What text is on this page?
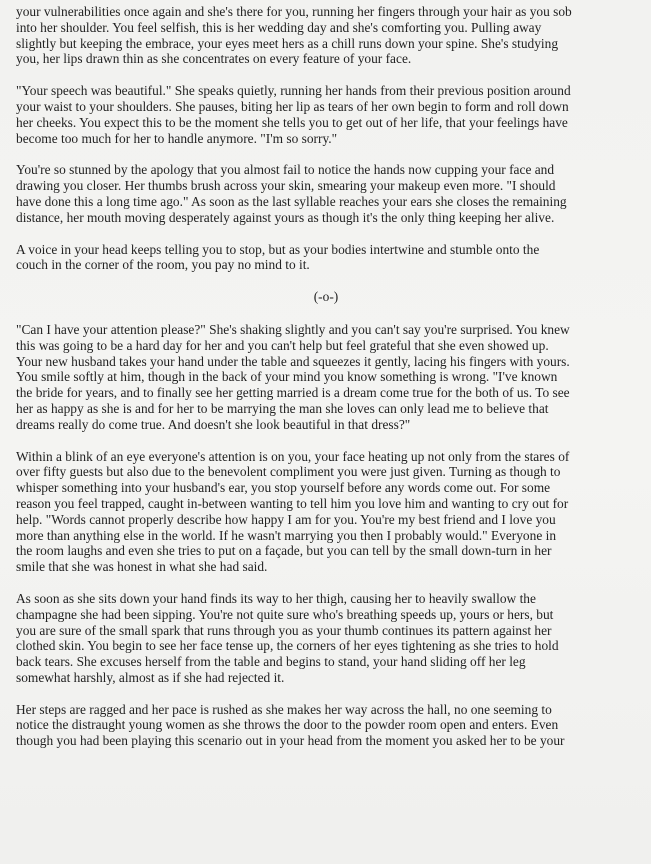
your vulnerabilities once again and she's there for you, running her fingers through your hair as you sob
into her shoulder. You feel selfish, this is her wedding day and she's comforting you. Pulling away
slightly but keeping the embrace, your eyes meet hers as a chill runs down your spine. She's studying
you, her lips drawn thin as she concentrates on every feature of your face.

"Your speech was beautiful." She speaks quietly, running her hands from their previous position around
your waist to your shoulders. She pauses, biting her lip as tears of her own begin to form and roll down
her cheeks. You expect this to be the moment she tells you to get out of her life, that your feelings have
become too much for her to handle anymore. "I'm so sorry."

You're so stunned by the apology that you almost fail to notice the hands now cupping your face and
drawing you closer. Her thumbs brush across your skin, smearing your makeup even more. "I should
have done this a long time ago." As soon as the last syllable reaches your ears she closes the remaining
distance, her mouth moving desperately against yours as though it's the only thing keeping her alive.

A voice in your head keeps telling you to stop, but as your bodies intertwine and stumble onto the
couch in the corner of the room, you pay no mind to it.

(-o-)

"Can I have your attention please?" She's shaking slightly and you can't say you're surprised. You knew
this was going to be a hard day for her and you can't help but feel grateful that she even showed up.
Your new husband takes your hand under the table and squeezes it gently, lacing his fingers with yours.
You smile softly at him, though in the back of your mind you know something is wrong. "I've known
the bride for years, and to finally see her getting married is a dream come true for the both of us. To see
her as happy as she is and for her to be marrying the man she loves can only lead me to believe that
dreams really do come true. And doesn't she look beautiful in that dress?"

Within a blink of an eye everyone's attention is on you, your face heating up not only from the stares of
over fifty guests but also due to the benevolent compliment you were just given. Turning as though to
whisper something into your husband's ear, you stop yourself before any words come out. For some
reason you feel trapped, caught in-between wanting to tell him you love him and wanting to cry out for
help. "Words cannot properly describe how happy I am for you. You're my best friend and I love you
more than anything else in the world. If he wasn't marrying you then I probably would." Everyone in
the room laughs and even she tries to put on a façade, but you can tell by the small down-turn in her
smile that she was honest in what she had said.

As soon as she sits down your hand finds its way to her thigh, causing her to heavily swallow the
champagne she had been sipping. You're not quite sure who's breathing speeds up, yours or hers, but
you are sure of the small spark that runs through you as your thumb continues its pattern against her
clothed skin. You begin to see her face tense up, the corners of her eyes tightening as she tries to hold
back tears. She excuses herself from the table and begins to stand, your hand sliding off her leg
somewhat harshly, almost as if she had rejected it.

Her steps are ragged and her pace is rushed as she makes her way across the hall, no one seeming to
notice the distraught young women as she throws the door to the powder room open and enters. Even
though you had been playing this scenario out in your head from the moment you asked her to be your
